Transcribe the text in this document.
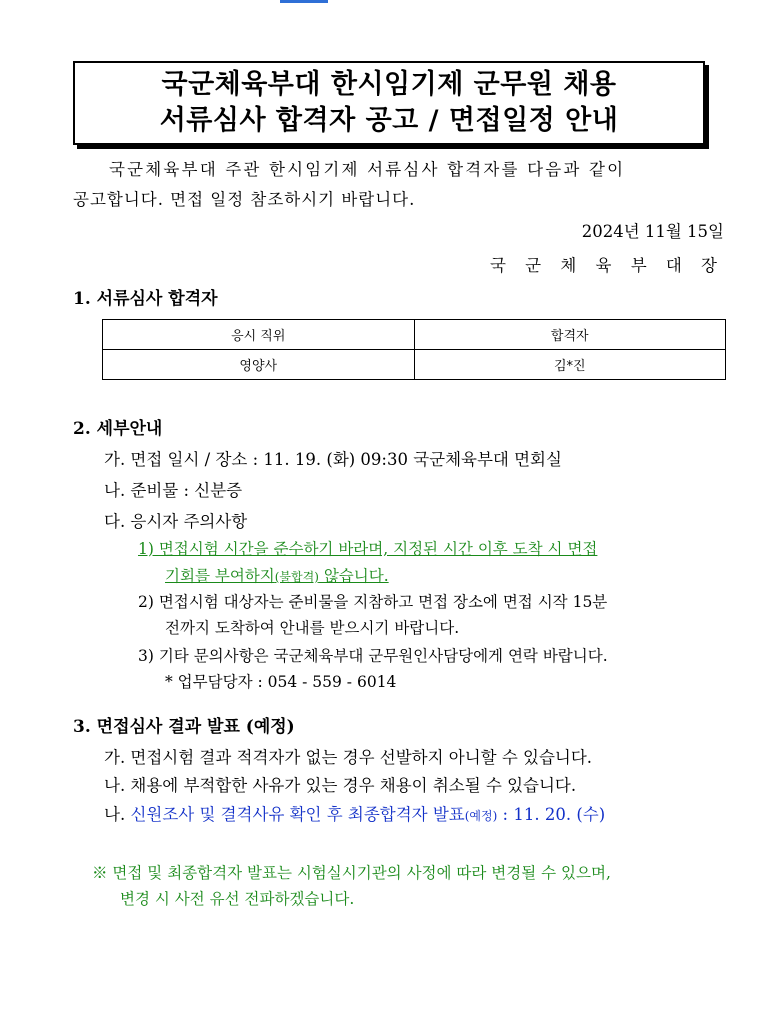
국군체육부대 한시임기제 군무원 채용
서류심사 합격자 공고 / 면접일정 안내
국군체육부대 주관 한시임기제 서류심사 합격자를 다음과 같이
공고합니다. 면접 일정 참조하시기 바랍니다.
2024년 11월 15일
국 군 체 육 부 대 장
1. 서류심사 합격자
응시 직위	합격자
영양사	김*진
2. 세부안내
가. 면접 일시 / 장소 : 11. 19. (화) 09:30 국군체육부대 면회실
나. 준비물 : 신분증
다. 응시자 주의사항
1) 면접시험 시간을 준수하기 바라며, 지정된 시간 이후 도착 시 면접
기회를 부여하지(불합격) 않습니다.
2) 면접시험 대상자는 준비물을 지참하고 면접 장소에 면접 시작 15분
전까지 도착하여 안내를 받으시기 바랍니다.
3) 기타 문의사항은 국군체육부대 군무원인사담당에게 연락 바랍니다.
* 업무담당자 : 054 - 559 - 6014
3. 면접심사 결과 발표 (예정)
가. 면접시험 결과 적격자가 없는 경우 선발하지 아니할 수 있습니다.
나. 채용에 부적합한 사유가 있는 경우 채용이 취소될 수 있습니다.
나. 신원조사 및 결격사유 확인 후 최종합격자 발표(예정) : 11. 20. (수)
※ 면접 및 최종합격자 발표는 시험실시기관의 사정에 따라 변경될 수 있으며,
변경 시 사전 유선 전파하겠습니다.
